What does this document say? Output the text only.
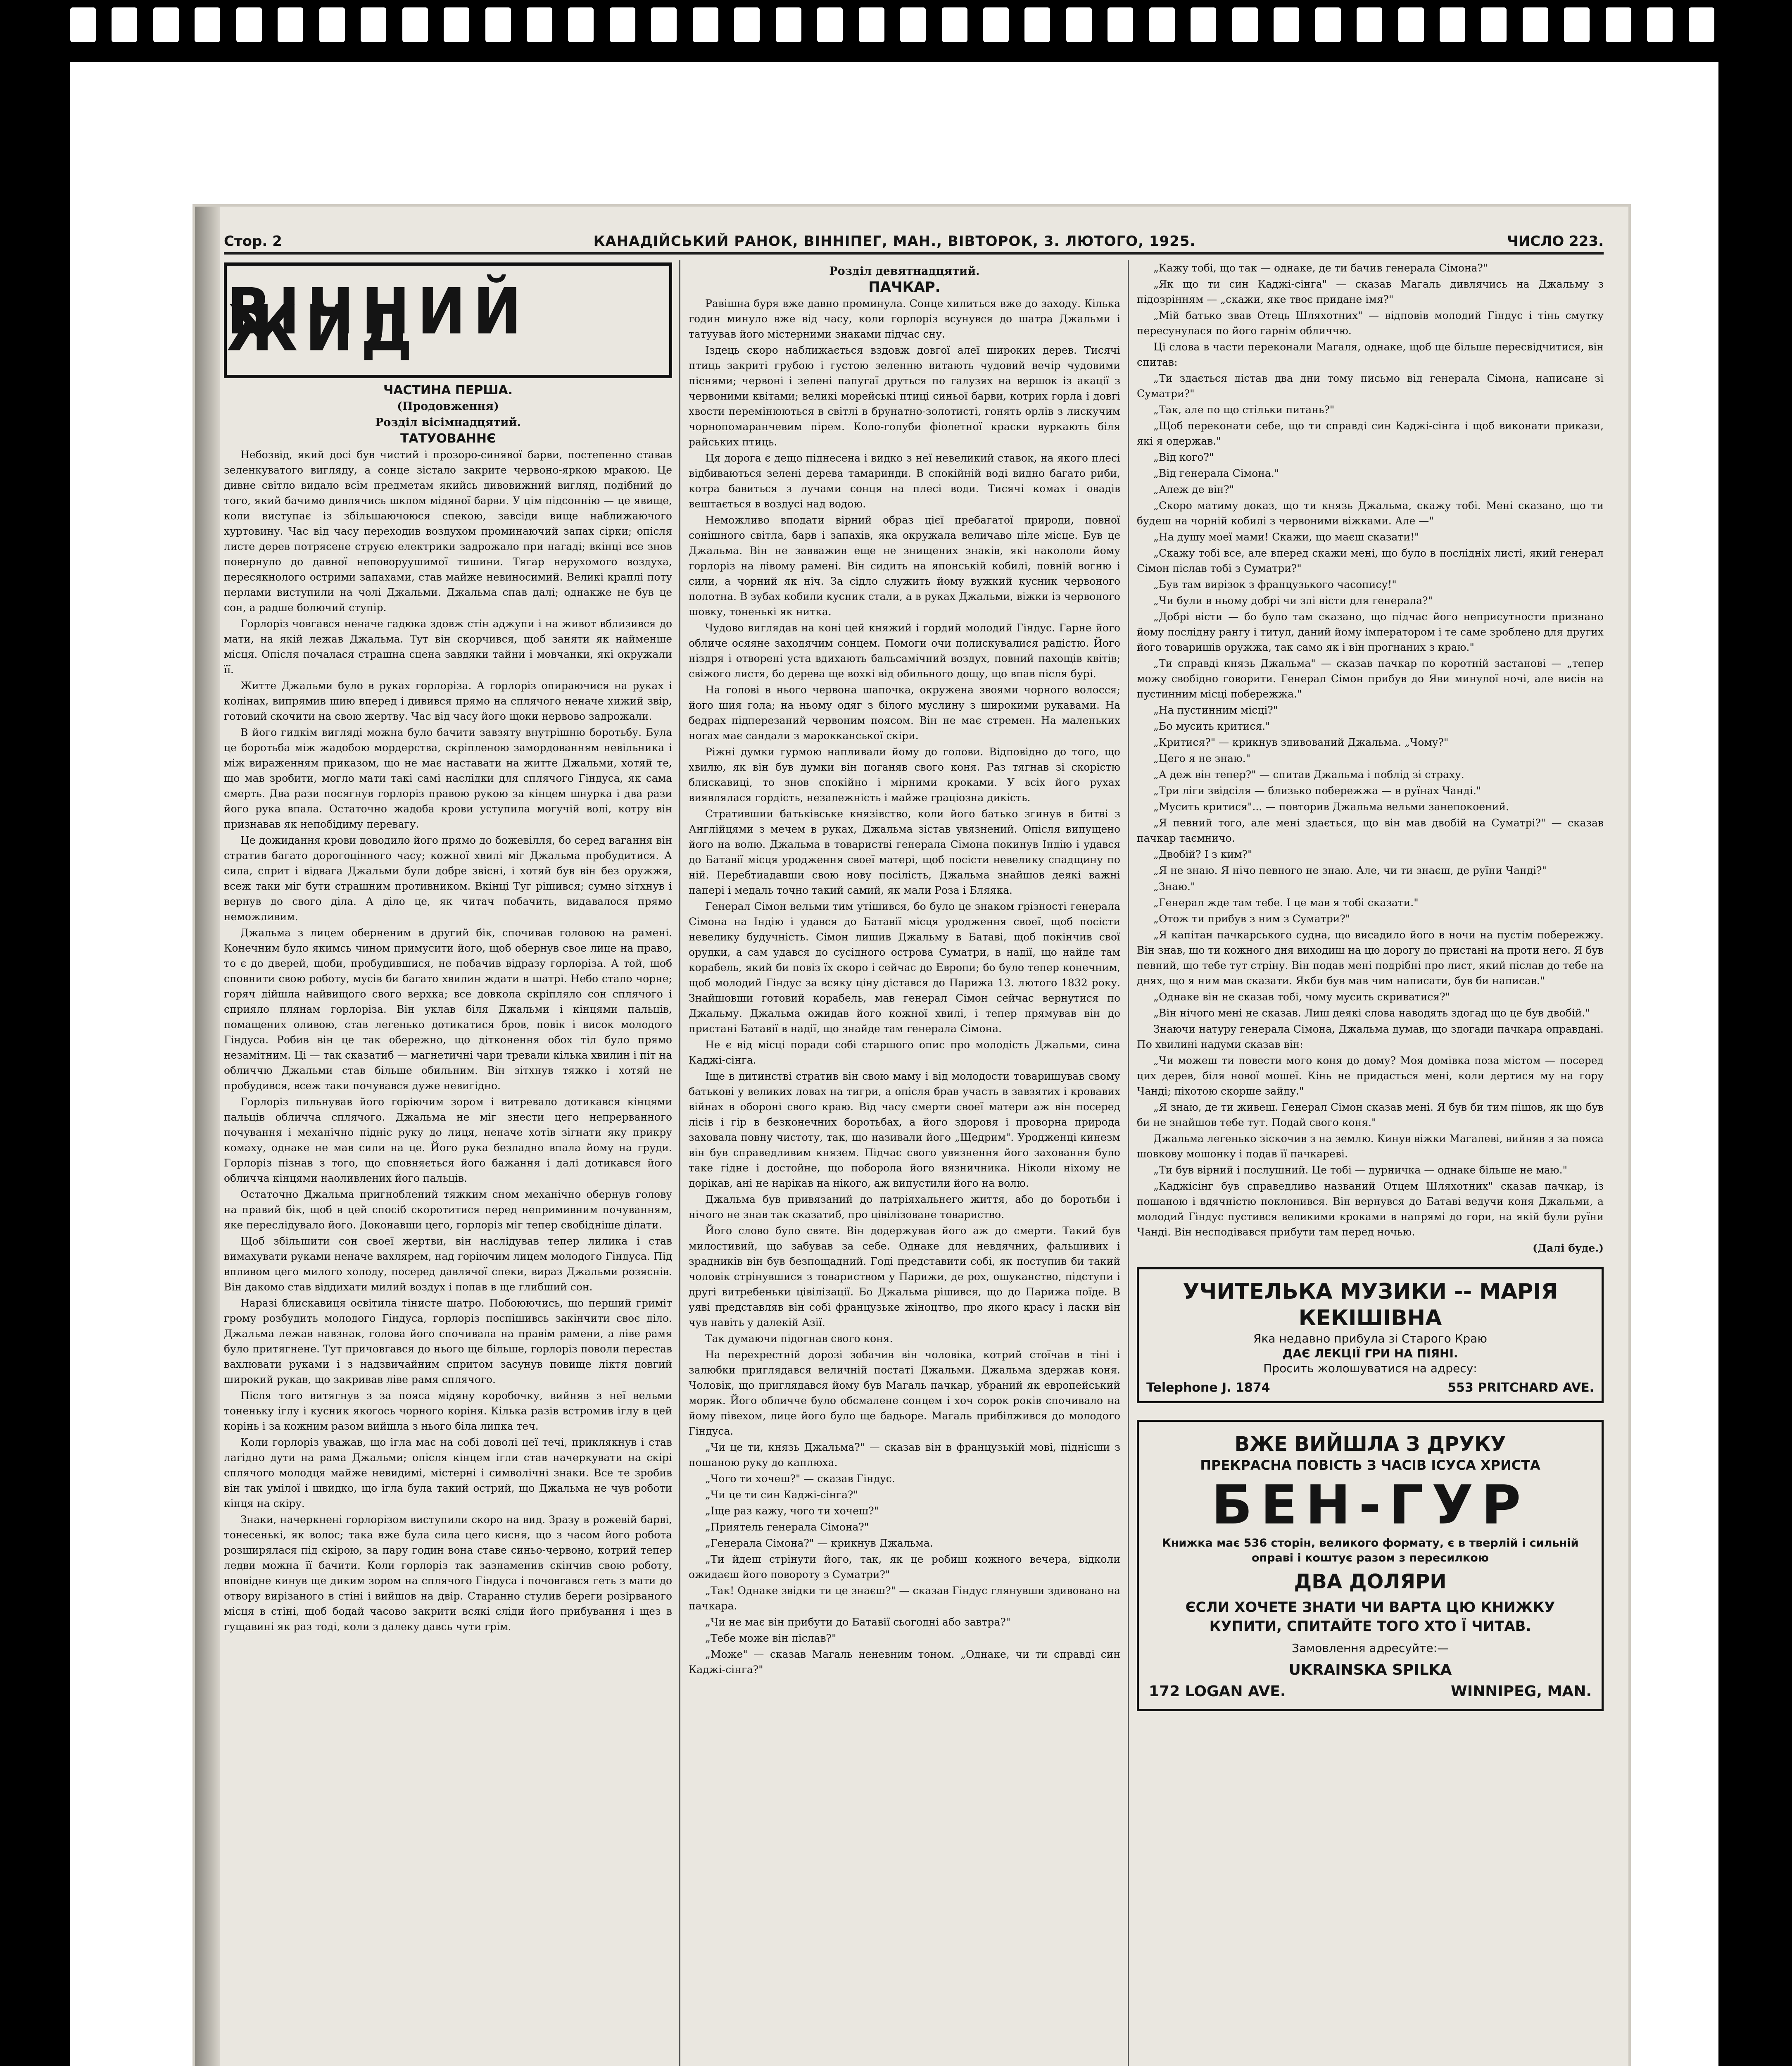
Стор. 2	КАНАДІЙСЬКИЙ РАНОК, ВІННІПЕГ, МАН., ВІВТОРОК, 3. ЛЮТОГО, 1925.	ЧИСЛО 223.
ВІЧНИЙ ЖИД

ЧАСТИНА ПЕРША.

(Продовження)

Розділ вісімнадцятий.

ТАТУОВАННЄ

Небозвід, який досі був чистий і прозоро-синявої барви, постепенно ставав зеленкуватого вигляду, а сонце зістало закрите червоно-яркою мракою. Це дивне світло видало всім предметам якийсь дивовижний вигляд, подібний до того, який бачимо дивлячись шклом мідяної барви. У цім підсоннію — це явище, коли виступає із збільшаючоюся спекою, завсіди вище наближаючого хуртовину. Час від часу переходив воздухом проминаючий запах сірки; опісля листе дерев потрясене струєю електрики задрожало при нагаді; вкінці все знов повернуло до давної неповоруушимої тишини. Тягар нерухомого воздуха, пересякнолого острими запахами, став майже невиносимий. Великі краплі поту перлами виступили на чолі Джальми. Джальма спав далі; однакже не був це сон, а радше болючий ступір.

Горлоріз човгався неначе гадюка здовж стін аджупи і на живот вблизився до мати, на якій лежав Джальма. Тут він скорчився, щоб заняти як найменше місця. Опісля почалася страшна сцена завдяки тайни і мовчанки, які окружали її.

Житте Джальми було в руках горлоріза. А горлоріз опираючися на руках і колінах, випрямив шию вперед і дивився прямо на сплячого неначе хижий звір, готовий скочити на свою жертву. Час від часу його щоки нервово задрожали.

В його гидкім вигляді можна було бачити завзяту внутрішню боротьбу. Була це боротьба між жадобою мордерства, скріпленою замордованням невільника і між вираженням приказом, що не має наставати на житте Джальми, хотяй те, що мав зробити, могло мати такі самі наслідки для сплячого Гіндуса, як сама смерть. Два рази посягнув горлоріз правою рукою за кінцем шнурка і два рази його рука впала. Остаточно жадоба крови уступила могучій волі, котру він признавав як непобідиму перевагу.

Це дожидання крови доводило його прямо до божевілля, бо серед вагання він стратив багато дорогоцінного часу; кожної хвилі міг Джальма пробудитися. А сила, сприт і відвага Джальми були добре звісні, і хотяй був він без оружжя, всеж таки міг бути страшним противником. Вкінці Туг рішився; сумно зітхнув і вернув до свого діла. А діло це, як читач побачить, видавалося прямо неможливим.

Джальма з лицем оберненим в другий бік, спочивав головою на рамені. Конечним було якимсь чином примусити його, щоб обернув свое лице на право, то є до дверей, щоби, пробудившися, не побачив відразу горлоріза. А той, щоб сповнити свою роботу, мусів би багато хвилин ждати в шатрі. Небо стало чорне; горяч дійшла найвищого свого верхка; все довкола скріпляло сон сплячого і сприяло плянам горлоріза. Він уклав біля Джальми і кінцями пальців, помащених оливою, став легенько дотикатися бров, повік і висок молодого Гіндуса. Робив він це так обережно, що дітконення обох тіл було прямо незамітним. Ці — так сказатиб — магнетичні чари тревали кілька хвилин і піт на обличчю Джальми став більше обильним. Він зітхнув тяжко і хотяй не пробудився, всеж таки почувався дуже невигідно.

Горлоріз пильнував його горіючим зором і витревало дотикався кінцями пальців обличча сплячого. Джальма не міг знести цего непрерванного почування і механічно підніс руку до лиця, неначе хотів зігнати яку прикру комаху, однаке не мав сили на це. Його рука безладно впала йому на груди. Горлоріз пізнав з того, що сповняється його бажання і далі дотикався його обличча кінцями наоливлених його пальців.

Остаточно Джальма пригноблений тяжким сном механічно обернув голову на правий бік, щоб в цей спосіб скоротитися перед непримивним почуванням, яке переслідувало його. Доконавши цего, горлоріз міг тепер свобідніше ділати.

Щоб збільшити сон своеї жертви, він наслідував тепер лилика і став вимахувати руками неначе вахлярем, над горіючим лицем молодого Гіндуса. Під впливом цего милого холоду, посеред давлячої спеки, вираз Джальми розяснів. Він дакомо став віддихати милий воздух і попав в ще глибший сон.

Наразі блискавиця освітила тінисте шатро. Побоюючись, що перший гриміт грому розбудить молодого Гіндуса, горлоріз поспішивсь закінчити своє діло. Джальма лежав навзнак, голова його спочивала на правім рамени, а ліве рамя було притягнене. Тут причовгався до нього ще більше, горлоріз поволи перестав вахлювати руками і з надзвичайним спритом засунув повище ліктя довгий широкий рукав, що закривав ліве рамя сплячого.

Після того витягнув з за пояса мідяну коробочку, вийняв з неї вельми тоненьку іглу і кусник якогось чорного коріня. Кілька разів встромив іглу в цей корінь і за кожним разом вийшла з нього біла липка теч.

Коли горлоріз уважав, що ігла має на собі доволі цеї течі, приклякнув і став лагідно дути на рама Джальми; опісля кінцем ігли став начеркувати на скірі сплячого молодця майже невидимі, містерні і символічні знаки. Все те зробив він так умілої і швидко, що ігла була такий острий, що Джальма не чув роботи кінця на скіру.

Знаки, начеркнені горлорізом виступили скоро на вид. Зразу в рожевій барві, тонесенькі, як волос; така вже була сила цего кисня, що з часом його робота розширялася під скірою, за пару годин вона ставе синьо-червоно, котрий тепер ледви можна її бачити. Коли горлоріз так зазнаменив скінчив свою роботу, вповідне кинув ще диким зором на сплячого Гіндуса і почовгався геть з мати до отвору вирізаного в стіні і вийшов на двір. Старанно стулив береги розірваного місця в стіні, щоб бодай часово закрити всякі сліди його прибування і щез в гущавині як раз тоді, коли з далеку давсь чути грім.

Розділ девятнадцятий.

ПАЧКАР.

Равішна буря вже давно проминула. Сонце хилиться вже до заходу. Кілька годин минуло вже від часу, коли горлоріз всунувся до шатра Джальми і татуував його містерними знаками підчас сну.

Іздець скоро наближається вздовж довгої алеї широких дерев. Тисячі птиць закриті грубою і густою зеленню витають чудовий вечір чудовими піснями; червоні і зелені папугаї друться по галузях на вершок із акації з червоними квітами; великі морейські птиці синьої барви, котрих горла і довгі хвости перемінюються в світлі в брунатно-золотисті, гонять орлів з лискучим чорнопомаранчевим пірем. Коло-голуби фіолетної краски вуркають біля райських птиць.

Ця дорога є дещо піднесена і видко з неї невеликий ставок, на якого плесі відбиваються зелені дерева тамаринди. В спокійній воді видно багато риби, котра бавиться з лучами сонця на плесі води. Тисячі комах і овадів вештається в воздусі над водою.

Неможливо вподати вірний образ цієї пребагатої природи, повної сонішного світла, барв і запахів, яка окружала величаво ціле місце. Був це Джальма. Він не завважив еще не знищених знаків, які накололи йому горлоріз на лівому рамені. Він сидить на японській кобилі, повній вогню і сили, а чорний як ніч. За сідло служить йому вужкий кусник червоного полотна. В зубах кобили кусник стали, а в руках Джальми, віжки із червоного шовку, тоненькі як нитка.

Чудово виглядав на коні цей княжий і гордий молодий Гіндус. Гарне його обличе осяяне заходячим сонцем. Помоги очи полискувалися радістю. Його ніздря і отворені уста вдихають бальсамічний воздух, повний пахощів квітів; свіжого листя, бо дерева ще вохкі від обильного дощу, що впав після бурі.

На голові в нього червона шапочка, окружена звоями чорного волосся; його шия гола; на ньому одяг з білого муслину з широкими рукавами. На бедрах підперезаний червоним поясом. Він не має стремен. На маленьких ногах має сандали з марокканської скіри.

Ріжні думки гурмою напливали йому до голови. Відповідно до того, що хвилю, як він був думки він поганяв свого коня. Раз тягнав зі скорістю блискавиці, то знов спокійно і мірними кроками. У всіх його рухах виявлялася гордість, незалежність і майже граціозна дикість.

Стратившии батьківське князівство, коли його батько згинув в битві з Англійцями з мечем в руках, Джальма зістав увязнений. Опісля випущено його на волю. Джальма в товаристві генерала Сімона покинув Індію і удався до Батавії місця уродження своеї матері, щоб посісти невелику спадщину по ній. Перебтиадавши свою нову посілість, Джальма знайшов деякі важні папері і медаль точно такий самий, як мали Роза і Бляяка.

Генерал Сімон вельми тим утішився, бо було це знаком грізності генерала Сімона на Індію і удався до Батавії місця уродження своеї, щоб посісти невелику будучність. Сімон лишив Джальму в Батаві, щоб покінчив свої орудки, а сам удався до сусідного острова Суматри, в надії, що найде там корабель, який би повіз їх скоро і сейчас до Европи; бо було тепер конечним, щоб молодий Гіндус за всяку ціну дістався до Парижа 13. лютого 1832 року. Знайшовши готовий корабель, мав генерал Сімон сейчас вернутися по Джальму. Джальма ожидав його кожної хвилі, і тепер прямував він до пристані Батавії в надії, що знайде там генерала Сімона.

Не є від місці поради собі старшого опис про молодість Джальми, сина Каджі-сінга.

Іще в дитинстві стратив він свою маму і від молодости товаришував свому батькові у великих ловах на тигри, а опісля брав участь в завзятих і кровавих війнах в обороні свого краю. Від часу смерти своеї матери аж він посеред лісів і гір в безконечних боротьбах, а його здоровя і проворна природа заховала повну чистоту, так, що називали його „Щедрим". Уродженці кинезм він був справедливим князем. Підчас свого увязнення його заховання було таке гідне і достойне, що поборола його вязничника. Ніколи ніхому не дорікав, ані не нарікав на нікого, аж випустили його на волю.

Джальма був привязаний до патріяхальнего життя, або до боротьби і нічого не знав так сказатиб, про цівілізоване товариство.

Його слово було святе. Він додержував його аж до смерти. Такий був милостивий, що забував за себе. Однаке для невдячних, фальшивих і зрадників він був безпощадний. Годі представити собі, як поступив би такий чоловік стрінувшися з товариством у Парижи, де рох, ошуканство, підступи і другі витребеньки цівілізації. Бо Джальма рішився, що до Парижа поїде. В уяві представляв він собі французьке жіноцтво, про якого красу і ласки він чув навіть у далекій Азії.

Так думаючи підогнав свого коня.

На перехрестній дорозі зобачив він чоловіка, котрий стоїчав в тіні і залюбки приглядався величній постаті Джальми. Джальма здержав коня. Чоловік, що приглядався йому був Магаль пачкар, убраний як европейський моряк. Його обличче було обсмалене сонцем і хоч сорок років спочивало на йому півехом, лице його було ще бадьоре. Магаль прибілжився до молодого Гіндуса.

„Чи це ти, князь Джальма?" — сказав він в французькій мові, піднісши з пошаною руку до каплюха.

„Чого ти хочеш?" — сказав Гіндус.

„Чи це ти син Каджі-сінга?"

„Іще раз кажу, чого ти хочеш?"

„Приятель генерала Сімона?"

„Генерала Сімона?" — крикнув Джальма.

„Ти йдеш стрінути його, так, як це робиш кожного вечера, відколи ожидаєш його повороту з Суматри?"

„Так! Однаке звідки ти це знаєш?" — сказав Гіндус глянувши здивовано на пачкара.

„Чи не має він прибути до Батавії сьогодні або завтра?"

„Тебе може він післав?"

„Може" — сказав Магаль неневним тоном. „Однаке, чи ти справді син Каджі-сінга?"

„Кажу тобі, що так — однаке, де ти бачив генерала Сімона?"

„Як що ти син Каджі-сінга" — сказав Магаль дивлячись на Джальму з підозрінням — „скажи, яке твоє придане імя?"

„Мій батько звав Отець Шляхотних" — відповів молодий Гіндус і тінь смутку пересунулася по його гарнім обличчю.

Ці слова в части переконали Магаля, однаке, щоб ще більше пересвідчитися, він спитав:

„Ти здається дістав два дни тому письмо від генерала Сімона, написане зі Суматри?"

„Так, але по що стільки питань?"

„Щоб переконати себе, що ти справді син Каджі-сінга і щоб виконати прикази, які я одержав."

„Від кого?"

„Від генерала Сімона."

„Алеж де він?"

„Скоро матиму доказ, що ти князь Джальма, скажу тобі. Мені сказано, що ти будеш на чорній кобилі з червоними віжками. Але —"

„На душу моеї мами! Скажи, що маєш сказати!"

„Скажу тобі все, але вперед скажи мені, що було в послідніх листі, який генерал Сімон післав тобі з Суматри?"

„Був там вирізок з французького часопису!"

„Чи були в ньому добрі чи злі вісти для генерала?"

„Добрі вісти — бо було там сказано, що підчас його неприсутности признано йому послідну рангу і титул, даний йому імператором і те саме зроблено для других його товаришів оружжа, так само як і він прогнаних з краю."

„Ти справді князь Джальма" — сказав пачкар по коротній застанові — „тепер можу свобідно говорити. Генерал Сімон прибув до Яви минулої ночі, але висів на пустинним місці побережжа."

„На пустинним місці?"

„Бо мусить критися."

„Критися?" — крикнув здивований Джальма. „Чому?"

„Цего я не знаю."

„А деж він тепер?" — спитав Джальма і поблід зі страху.

„Три ліги звідсіля — близько побережжа — в руїнах Чанді."

„Мусить критися"... — повторив Джальма вельми занепокоений.

„Я певний того, але мені здається, що він мав двобій на Суматрі?" — сказав пачкар таємничо.

„Двобій? І з ким?"

„Я не знаю. Я нічо певного не знаю. Але, чи ти знаєш, де руїни Чанді?"

„Знаю."

„Генерал жде там тебе. І це мав я тобі сказати."

„Отож ти прибув з ним з Суматри?"

„Я капітан пачкарського судна, що висадило його в ночи на пустім побережжу. Він знав, що ти кожного дня виходиш на цю дорогу до пристані на проти него. Я був певний, що тебе тут стріну. Він подав мені подрібні про лист, який післав до тебе на днях, що я ним мав сказати. Якби був мав чим написати, був би написав."

„Однаке він не сказав тобі, чому мусить скриватися?"

„Він нічого мені не сказав. Лиш деякі слова наводять здогад що це був двобій."

Знаючи натуру генерала Сімона, Джальма думав, що здогади пачкара оправдані. По хвилині надуми сказав він:

„Чи можеш ти повести мого коня до дому? Моя домівка поза містом — посеред цих дерев, біля нової мошеї. Кінь не придасться мені, коли дертися му на гору Чанді; піхотою скорше зайду."

„Я знаю, де ти живеш. Генерал Сімон сказав мені. Я був би тим пішов, як що був би не знайшов тебе тут. Подай свого коня."

Джальма легенько зіскочив з на землю. Кинув віжки Магалеві, вийняв з за пояса шовкову мошонку і подав її пачкареві.

„Ти був вірний і послушний. Це тобі — дурничка — однаке більше не маю."

„Каджісінг був справедливо названий Отцем Шляхотних" сказав пачкар, із пошаною і вдячністю поклонився. Він вернувся до Батаві ведучи коня Джальми, а молодий Гіндус пустився великими кроками в напрямі до гори, на якій були руїни Чанді. Він несподівався прибути там перед ночью.

(Далі буде.)

УЧИТЕЛЬКА МУЗИКИ -- МАРІЯ КЕКІШІВНА
Яка недавно прибула зі Старого Краю
ДАЄ ЛЕКЦІЇ ГРИ НА ПІЯНІ.
Просить жолошуватися на адресу:
Telephone J. 1874	553 PRITCHARD AVE.
ВЖЕ ВИЙШЛА З ДРУКУ
ПРЕКРАСНА ПОВІСТЬ З ЧАСІВ ІСУСА ХРИСТА
БЕН-ГУР
Книжка має 536 сторін, великого формату, є в тверлій і сильній оправі і коштує разом з пересилкою
ДВА ДОЛЯРИ
ЄСЛИ ХОЧЕТЕ ЗНАТИ ЧИ ВАРТА ЦЮ КНИЖКУ КУПИТИ, СПИТАЙТЕ ТОГО ХТО Ї ЧИТАВ.
Замовлення адресуйте:—
UKRAINSKA SPILKA
172 LOGAN AVE.	WINNIPEG, MAN.
